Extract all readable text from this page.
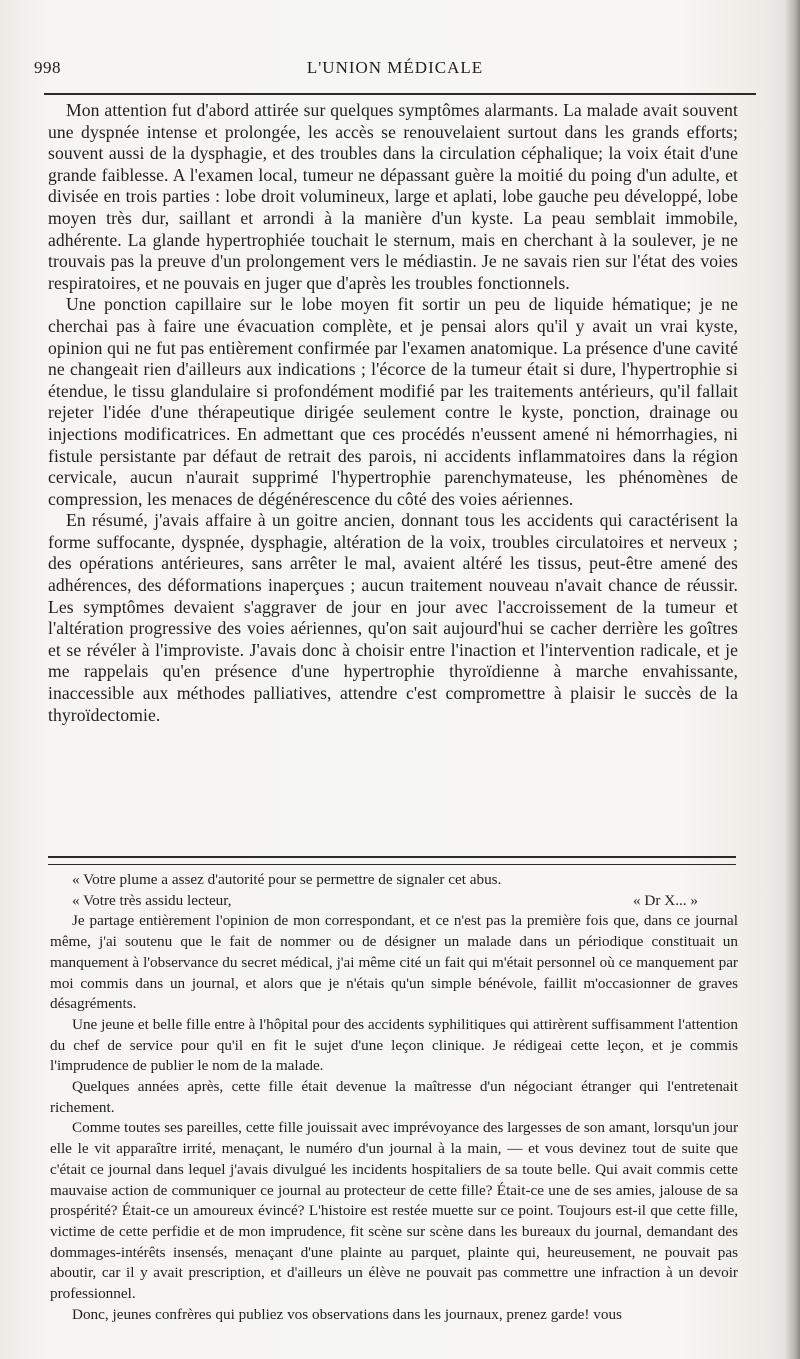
998	L'UNION MÉDICALE

Mon attention fut d'abord attirée sur quelques symptômes alarmants. La malade avait souvent une dyspnée intense et prolongée, les accès se renouvelaient surtout dans les grands efforts; souvent aussi de la dysphagie, et des troubles dans la circulation céphalique; la voix était d'une grande faiblesse. A l'examen local, tumeur ne dépassant guère la moitié du poing d'un adulte, et divisée en trois parties : lobe droit volumineux, large et aplati, lobe gauche peu développé, lobe moyen très dur, saillant et arrondi à la manière d'un kyste. La peau semblait immobile, adhérente. La glande hypertrophiée touchait le sternum, mais en cherchant à la soulever, je ne trouvais pas la preuve d'un prolongement vers le médiastin. Je ne savais rien sur l'état des voies respiratoires, et ne pouvais en juger que d'après les troubles fonctionnels.

Une ponction capillaire sur le lobe moyen fit sortir un peu de liquide hématique; je ne cherchai pas à faire une évacuation complète, et je pensai alors qu'il y avait un vrai kyste, opinion qui ne fut pas entièrement confirmée par l'examen anatomique. La présence d'une cavité ne changeait rien d'ailleurs aux indications ; l'écorce de la tumeur était si dure, l'hypertrophie si étendue, le tissu glandulaire si profondément modifié par les traitements antérieurs, qu'il fallait rejeter l'idée d'une thérapeutique dirigée seulement contre le kyste, ponction, drainage ou injections modificatrices. En admettant que ces procédés n'eussent amené ni hémorrhagies, ni fistule persistante par défaut de retrait des parois, ni accidents inflammatoires dans la région cervicale, aucun n'aurait supprimé l'hypertrophie parenchymateuse, les phénomènes de compression, les menaces de dégénérescence du côté des voies aériennes.

En résumé, j'avais affaire à un goitre ancien, donnant tous les accidents qui caractérisent la forme suffocante, dyspnée, dysphagie, altération de la voix, troubles circulatoires et nerveux ; des opérations antérieures, sans arrêter le mal, avaient altéré les tissus, peut-être amené des adhérences, des déformations inaperçues ; aucun traitement nouveau n'avait chance de réussir. Les symptômes devaient s'aggraver de jour en jour avec l'accroissement de la tumeur et l'altération progressive des voies aériennes, qu'on sait aujourd'hui se cacher derrière les goîtres et se révéler à l'improviste. J'avais donc à choisir entre l'inaction et l'intervention radicale, et je me rappelais qu'en présence d'une hypertrophie thyroïdienne à marche envahissante, inaccessible aux méthodes palliatives, attendre c'est compromettre à plaisir le succès de la thyroïdectomie.

« Votre plume a assez d'autorité pour se permettre de signaler cet abus.
« Votre très assidu lecteur,	« Dr X... »

Je partage entièrement l'opinion de mon correspondant, et ce n'est pas la première fois que, dans ce journal même, j'ai soutenu que le fait de nommer ou de désigner un malade dans un périodique constituait un manquement à l'observance du secret médical, j'ai même cité un fait qui m'était personnel où ce manquement par moi commis dans un journal, et alors que je n'étais qu'un simple bénévole, faillit m'occasionner de graves désagréments.

Une jeune et belle fille entre à l'hôpital pour des accidents syphilitiques qui attirèrent suffisamment l'attention du chef de service pour qu'il en fit le sujet d'une leçon clinique. Je rédigeai cette leçon, et je commis l'imprudence de publier le nom de la malade.

Quelques années après, cette fille était devenue la maîtresse d'un négociant étranger qui l'entretenait richement.

Comme toutes ses pareilles, cette fille jouissait avec imprévoyance des largesses de son amant, lorsqu'un jour elle le vit apparaître irrité, menaçant, le numéro d'un journal à la main, — et vous devinez tout de suite que c'était ce journal dans lequel j'avais divulgué les incidents hospitaliers de sa toute belle. Qui avait commis cette mauvaise action de communiquer ce journal au protecteur de cette fille? Était-ce une de ses amies, jalouse de sa prospérité? Était-ce un amoureux évincé? L'histoire est restée muette sur ce point. Toujours est-il que cette fille, victime de cette perfidie et de mon imprudence, fit scène sur scène dans les bureaux du journal, demandant des dommages-intérêts insensés, menaçant d'une plainte au parquet, plainte qui, heureusement, ne pouvait pas aboutir, car il y avait prescription, et d'ailleurs un élève ne pouvait pas commettre une infraction à un devoir professionnel.

Donc, jeunes confrères qui publiez vos observations dans les journaux, prenez garde! vous
